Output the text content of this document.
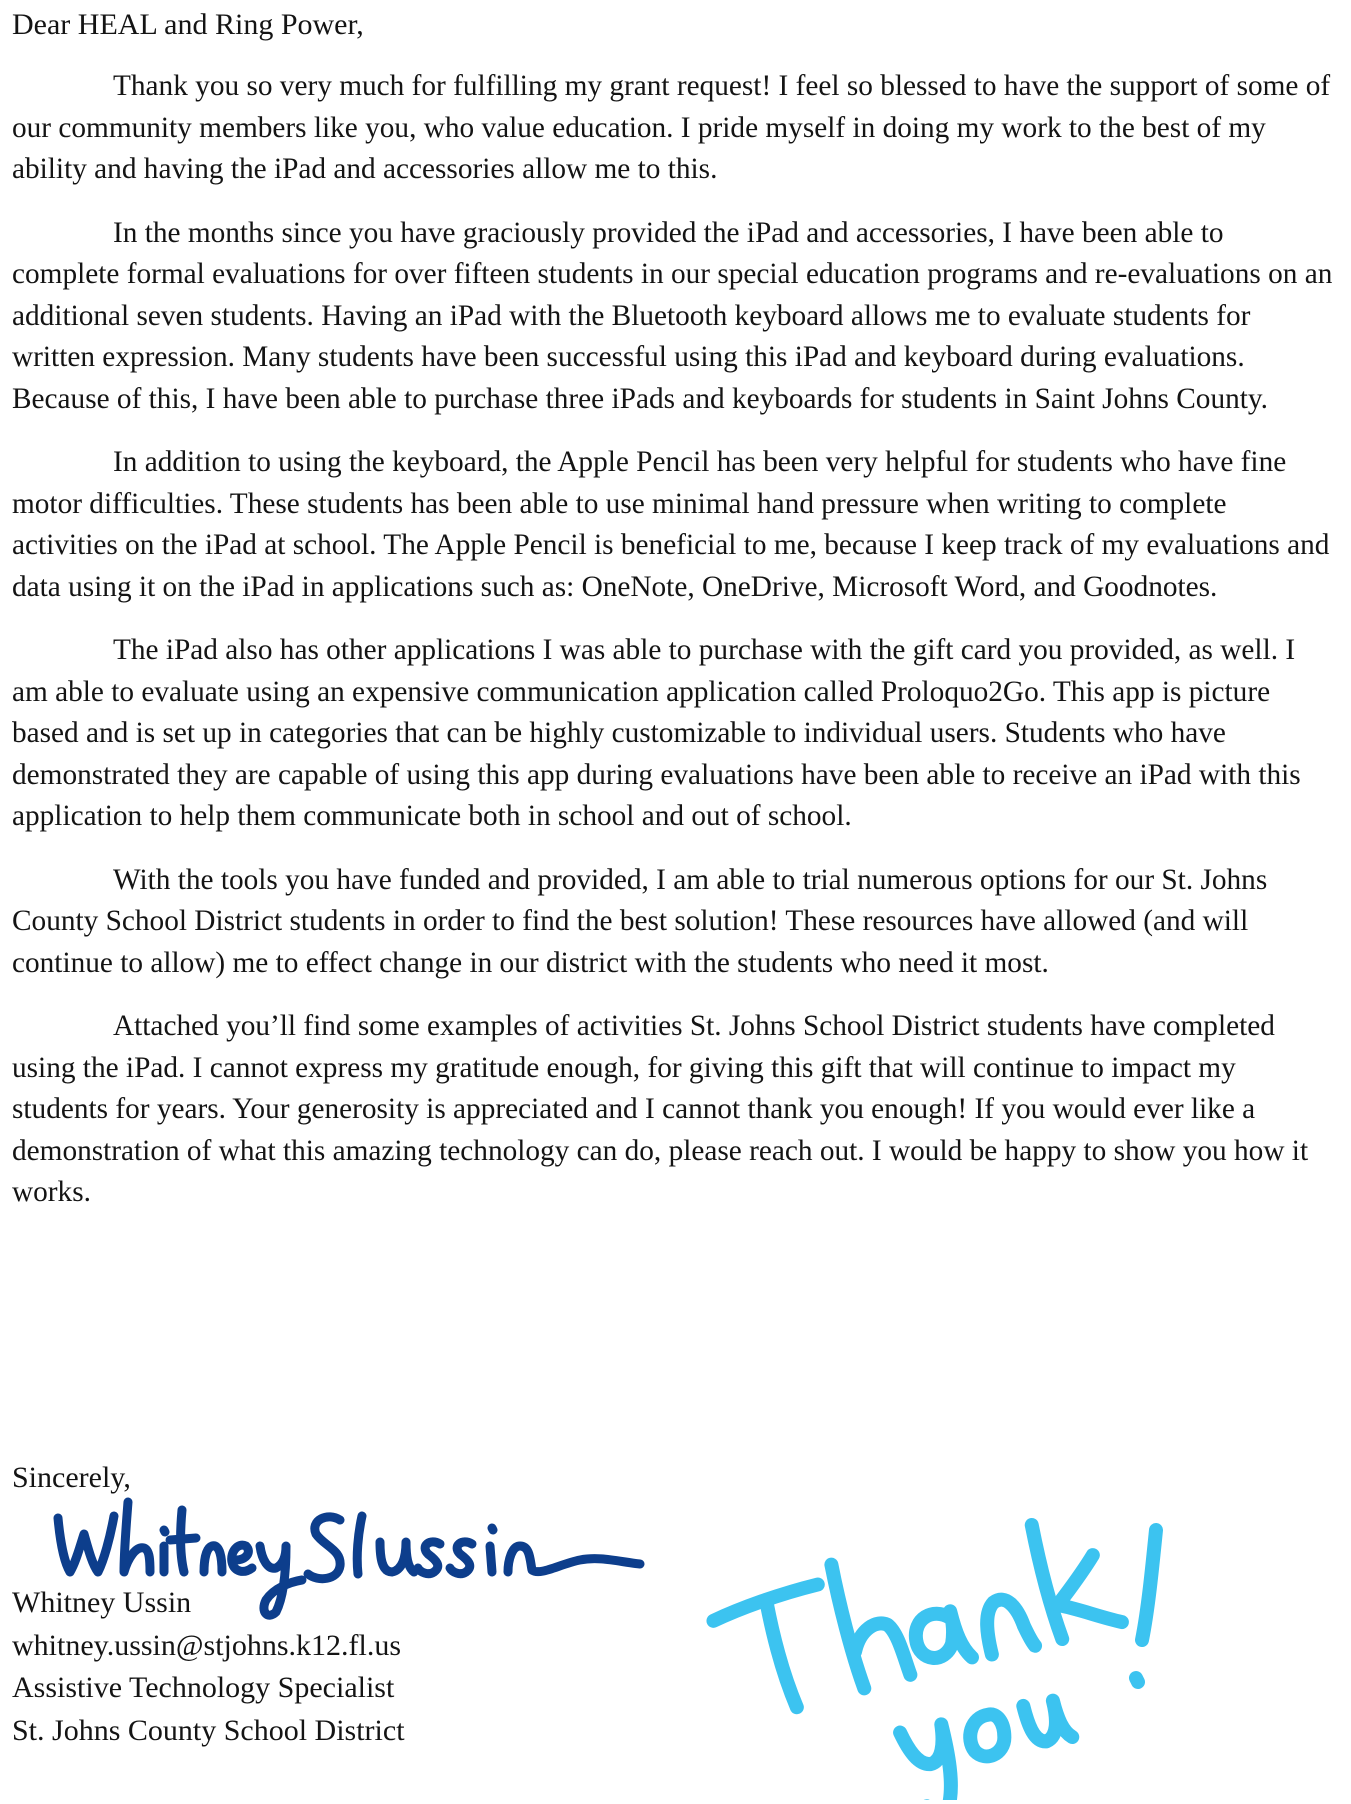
Dear HEAL and Ring Power,

Thank you so very much for fulfilling my grant request! I feel so blessed to have the support of some of our community members like you, who value education. I pride myself in doing my work to the best of my ability and having the iPad and accessories allow me to this.

In the months since you have graciously provided the iPad and accessories, I have been able to complete formal evaluations for over fifteen students in our special education programs and re-evaluations on an additional seven students. Having an iPad with the Bluetooth keyboard allows me to evaluate students for written expression. Many students have been successful using this iPad and keyboard during evaluations. Because of this, I have been able to purchase three iPads and keyboards for students in Saint Johns County.

In addition to using the keyboard, the Apple Pencil has been very helpful for students who have fine motor difficulties. These students has been able to use minimal hand pressure when writing to complete activities on the iPad at school. The Apple Pencil is beneficial to me, because I keep track of my evaluations and data using it on the iPad in applications such as: OneNote, OneDrive, Microsoft Word, and Goodnotes.

The iPad also has other applications I was able to purchase with the gift card you provided, as well. I am able to evaluate using an expensive communication application called Proloquo2Go. This app is picture based and is set up in categories that can be highly customizable to individual users. Students who have demonstrated they are capable of using this app during evaluations have been able to receive an iPad with this application to help them communicate both in school and out of school.

With the tools you have funded and provided, I am able to trial numerous options for our St. Johns County School District students in order to find the best solution! These resources have allowed (and will continue to allow) me to effect change in our district with the students who need it most.

Attached you’ll find some examples of activities St. Johns School District students have completed using the iPad. I cannot express my gratitude enough, for giving this gift that will continue to impact my students for years. Your generosity is appreciated and I cannot thank you enough! If you would ever like a demonstration of what this amazing technology can do, please reach out. I would be happy to show you how it works.

Sincerely,
Whitney Ussin
whitney.ussin@stjohns.k12.fl.us
Assistive Technology Specialist
St. Johns County School District
